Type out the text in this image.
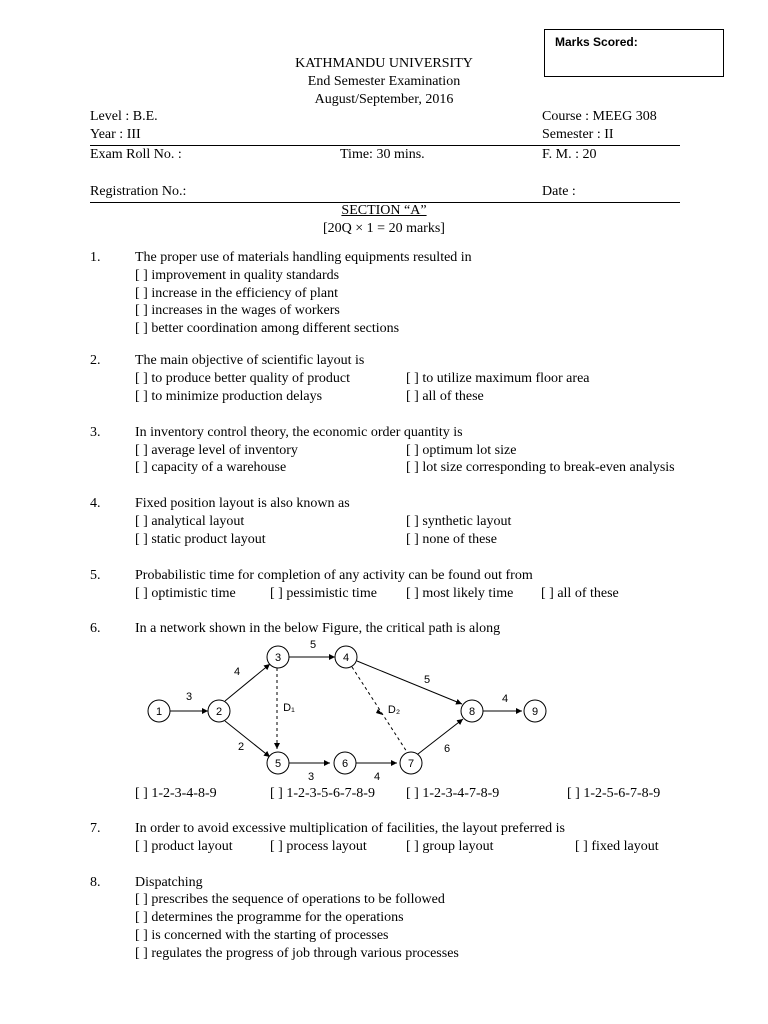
Marks Scored:
KATHMANDU UNIVERSITY
End Semester Examination
August/September, 2016
Level : B.E.
Year : III
Course : MEEG 308
Semester : II
Exam Roll No. :	Time: 30 mins.	F. M. : 20
Registration No.:	Date :
SECTION “A”
[20Q × 1 = 20 marks]
1. The proper use of materials handling equipments resulted in
[ ] improvement in quality standards
[ ] increase in the efficiency of plant
[ ] increases in the wages of workers
[ ] better coordination among different sections
2. The main objective of scientific layout is
[ ] to produce better quality of product	[ ] to utilize maximum floor area
[ ] to minimize production delays	[ ] all of these
3. In inventory control theory, the economic order quantity is
[ ] average level of inventory	[ ] optimum lot size
[ ] capacity of a warehouse	[ ] lot size corresponding to break-even analysis
4. Fixed position layout is also known as
[ ] analytical layout	[ ] synthetic layout
[ ] static product layout	[ ] none of these
5. Probabilistic time for completion of any activity can be found out from
[ ] optimistic time [ ] pessimistic time [ ] most likely time [ ] all of these
6. In a network shown in the below Figure, the critical path is along
1	2
3	4
5	6	7
8	9
3
4
5
5
4
2
3	4
6
D₁	D₂
[ ] 1-2-3-4-8-9	[ ] 1-2-3-5-6-7-8-9 [ ] 1-2-3-4-7-8-9	[ ] 1-2-5-6-7-8-9
7. In order to avoid excessive multiplication of facilities, the layout preferred is
[ ] product layout	[ ] process layout	[ ] group layout	[ ] fixed layout
8. Dispatching
[ ] prescribes the sequence of operations to be followed
[ ] determines the programme for the operations
[ ] is concerned with the starting of processes
[ ] regulates the progress of job through various processes
